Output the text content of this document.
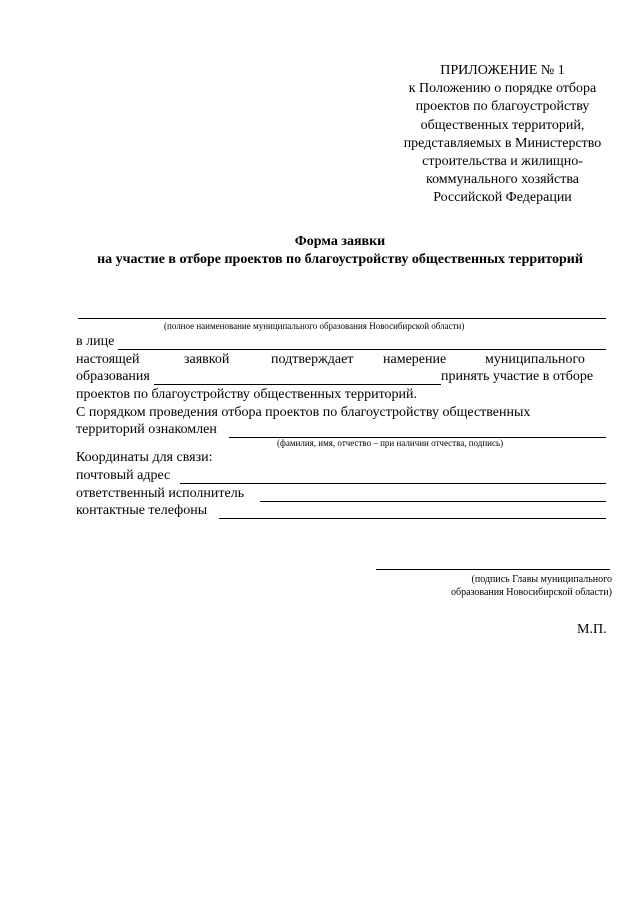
ПРИЛОЖЕНИЕ № 1
к Положению о порядке отбора
проектов по благоустройству
общественных территорий,
представляемых в Министерство
строительства и жилищно-
коммунального хозяйства
Российской Федерации
Форма заявки
на участие в отборе проектов по благоустройству общественных территорий
(полное наименование муниципального образования Новосибирской области)
в лице
настоящей	заявкой	подтверждает намерение	муниципального
образования	принять участие в отборе
проектов по благоустройству общественных территорий.
С порядком проведения отбора проектов по благоустройству общественных
территорий ознакомлен
(фамилия, имя, отчество – при наличии отчества, подпись)
Координаты для связи:
почтовый адрес
ответственный исполнитель
контактные телефоны
(подпись Главы муниципального
образования Новосибирской области)
М.П.
